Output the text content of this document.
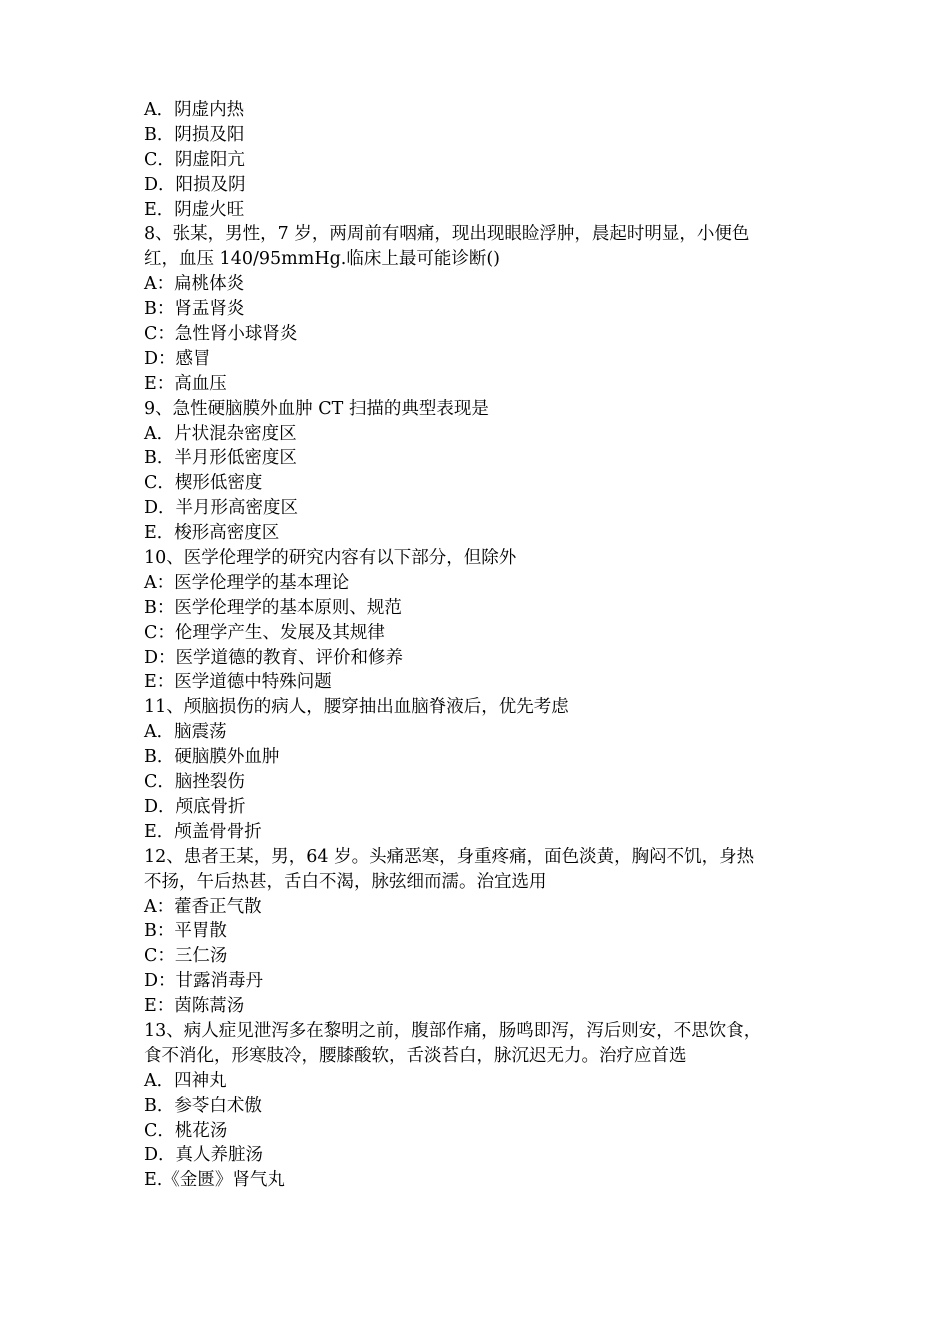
A．阴虚内热
B．阴损及阳
C．阴虚阳亢
D．阳损及阴
E．阴虚火旺
8、张某，男性，7 岁，两周前有咽痛，现出现眼睑浮肿，晨起时明显，小便色
红，血压 140/95mmHg.临床上最可能诊断()
A：扁桃体炎
B：肾盂肾炎
C：急性肾小球肾炎
D：感冒
E：高血压
9、急性硬脑膜外血肿 CT 扫描的典型表现是
A．片状混杂密度区
B．半月形低密度区
C．楔形低密度
D．半月形高密度区
E．梭形高密度区
10、医学伦理学的研究内容有以下部分，但除外
A：医学伦理学的基本理论
B：医学伦理学的基本原则、规范
C：伦理学产生、发展及其规律
D：医学道德的教育、评价和修养
E：医学道德中特殊问题
11、颅脑损伤的病人，腰穿抽出血脑脊液后，优先考虑
A．脑震荡
B．硬脑膜外血肿
C．脑挫裂伤
D．颅底骨折
E．颅盖骨骨折
12、患者王某，男，64 岁。头痛恶寒，身重疼痛，面色淡黄，胸闷不饥，身热
不扬，午后热甚，舌白不渴，脉弦细而濡。治宜选用
A：藿香正气散
B：平胃散
C：三仁汤
D：甘露消毒丹
E：茵陈蒿汤
13、病人症见泄泻多在黎明之前，腹部作痛，肠鸣即泻，泻后则安，不思饮食，
食不消化，形寒肢冷，腰膝酸软，舌淡苔白，脉沉迟无力。治疗应首选
A．四神丸
B．参苓白术傲
C．桃花汤
D．真人养脏汤
E.《金匮》肾气丸
